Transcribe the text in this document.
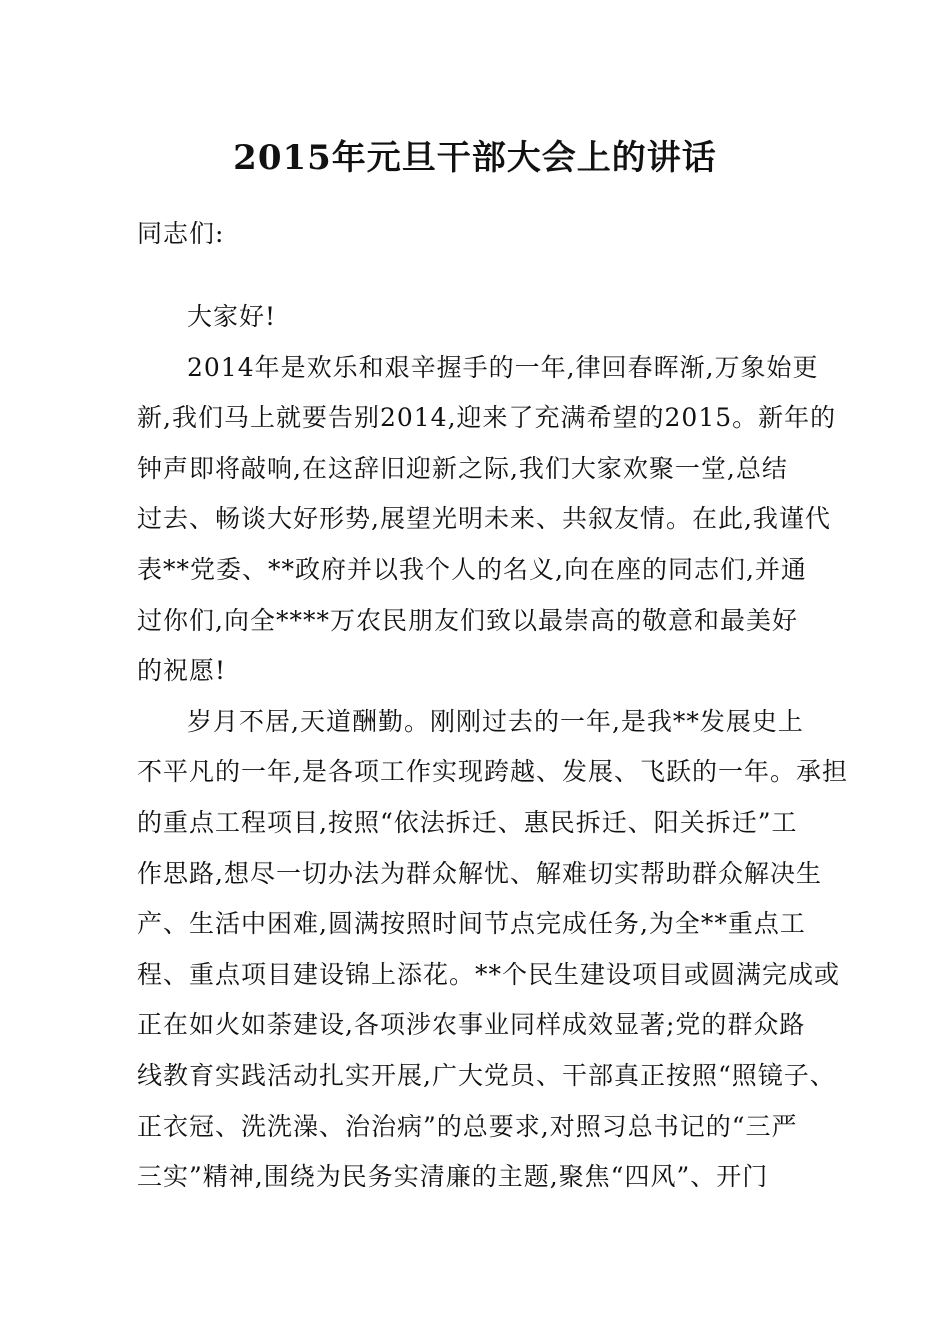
2015年元旦干部大会上的讲话

同志们:

大家好!

2014年是欢乐和艰辛握手的一年,律回春晖渐,万象始更
新,我们马上就要告别2014,迎来了充满希望的2015。新年的
钟声即将敲响,在这辞旧迎新之际,我们大家欢聚一堂,总结
过去、畅谈大好形势,展望光明未来、共叙友情。在此,我谨代
表**党委、**政府并以我个人的名义,向在座的同志们,并通
过你们,向全****万农民朋友们致以最崇高的敬意和最美好
的祝愿!

岁月不居,天道酬勤。刚刚过去的一年,是我**发展史上
不平凡的一年,是各项工作实现跨越、发展、飞跃的一年。承担
的重点工程项目,按照“依法拆迁、惠民拆迁、阳关拆迁”工
作思路,想尽一切办法为群众解忧、解难切实帮助群众解决生
产、生活中困难,圆满按照时间节点完成任务,为全**重点工
程、重点项目建设锦上添花。**个民生建设项目或圆满完成或
正在如火如荼建设,各项涉农事业同样成效显著;党的群众路
线教育实践活动扎实开展,广大党员、干部真正按照“照镜子、
正衣冠、洗洗澡、治治病”的总要求,对照习总书记的“三严
三实”精神,围绕为民务实清廉的主题,聚焦“四风”、开门
